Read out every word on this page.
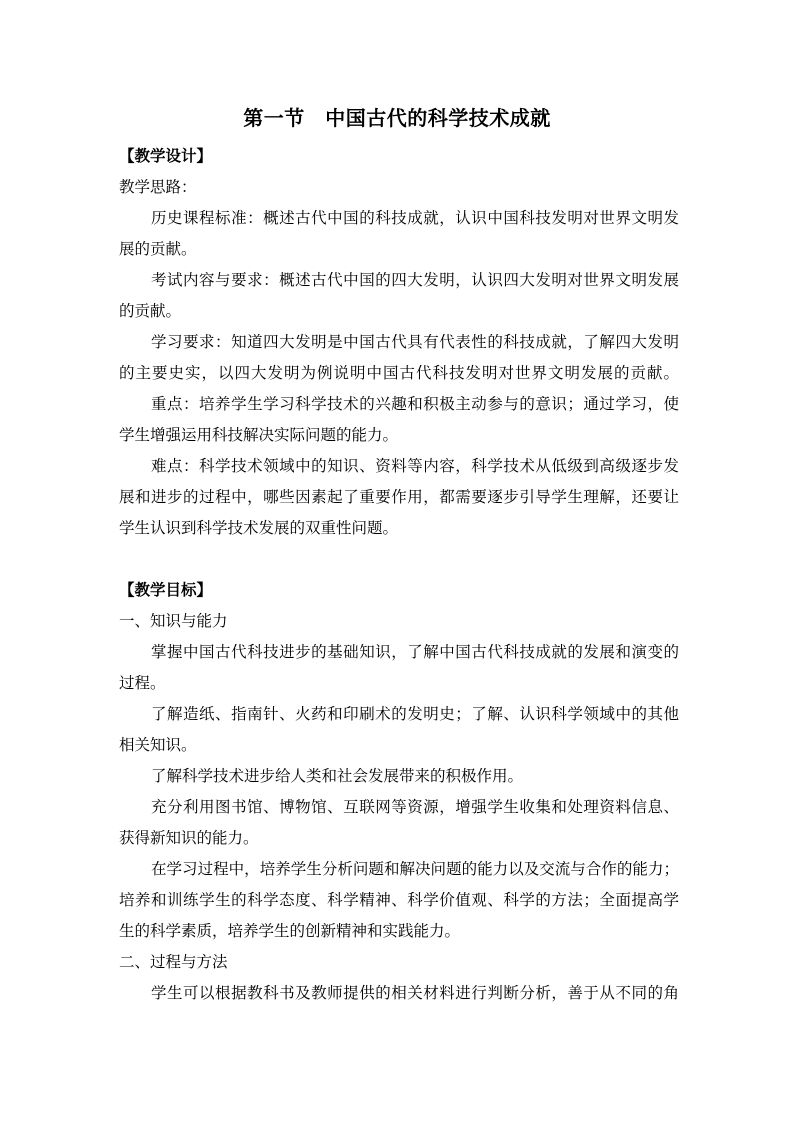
第一节　中国古代的科学技术成就
【教学设计】
教学思路：
历史课程标准：概述古代中国的科技成就，认识中国科技发明对世界文明发
展的贡献。
考试内容与要求：概述古代中国的四大发明，认识四大发明对世界文明发展
的贡献。
学习要求：知道四大发明是中国古代具有代表性的科技成就，了解四大发明
的主要史实，以四大发明为例说明中国古代科技发明对世界文明发展的贡献。
重点：培养学生学习科学技术的兴趣和积极主动参与的意识；通过学习，使
学生增强运用科技解决实际问题的能力。
难点：科学技术领域中的知识、资料等内容，科学技术从低级到高级逐步发
展和进步的过程中，哪些因素起了重要作用，都需要逐步引导学生理解，还要让
学生认识到科学技术发展的双重性问题。
【教学目标】
一、知识与能力
掌握中国古代科技进步的基础知识，了解中国古代科技成就的发展和演变的
过程。
了解造纸、指南针、火药和印刷术的发明史；了解、认识科学领域中的其他
相关知识。
了解科学技术进步给人类和社会发展带来的积极作用。
充分利用图书馆、博物馆、互联网等资源，增强学生收集和处理资料信息、
获得新知识的能力。
在学习过程中，培养学生分析问题和解决问题的能力以及交流与合作的能力；
培养和训练学生的科学态度、科学精神、科学价值观、科学的方法；全面提高学
生的科学素质，培养学生的创新精神和实践能力。
二、过程与方法
学生可以根据教科书及教师提供的相关材料进行判断分析，善于从不同的角
